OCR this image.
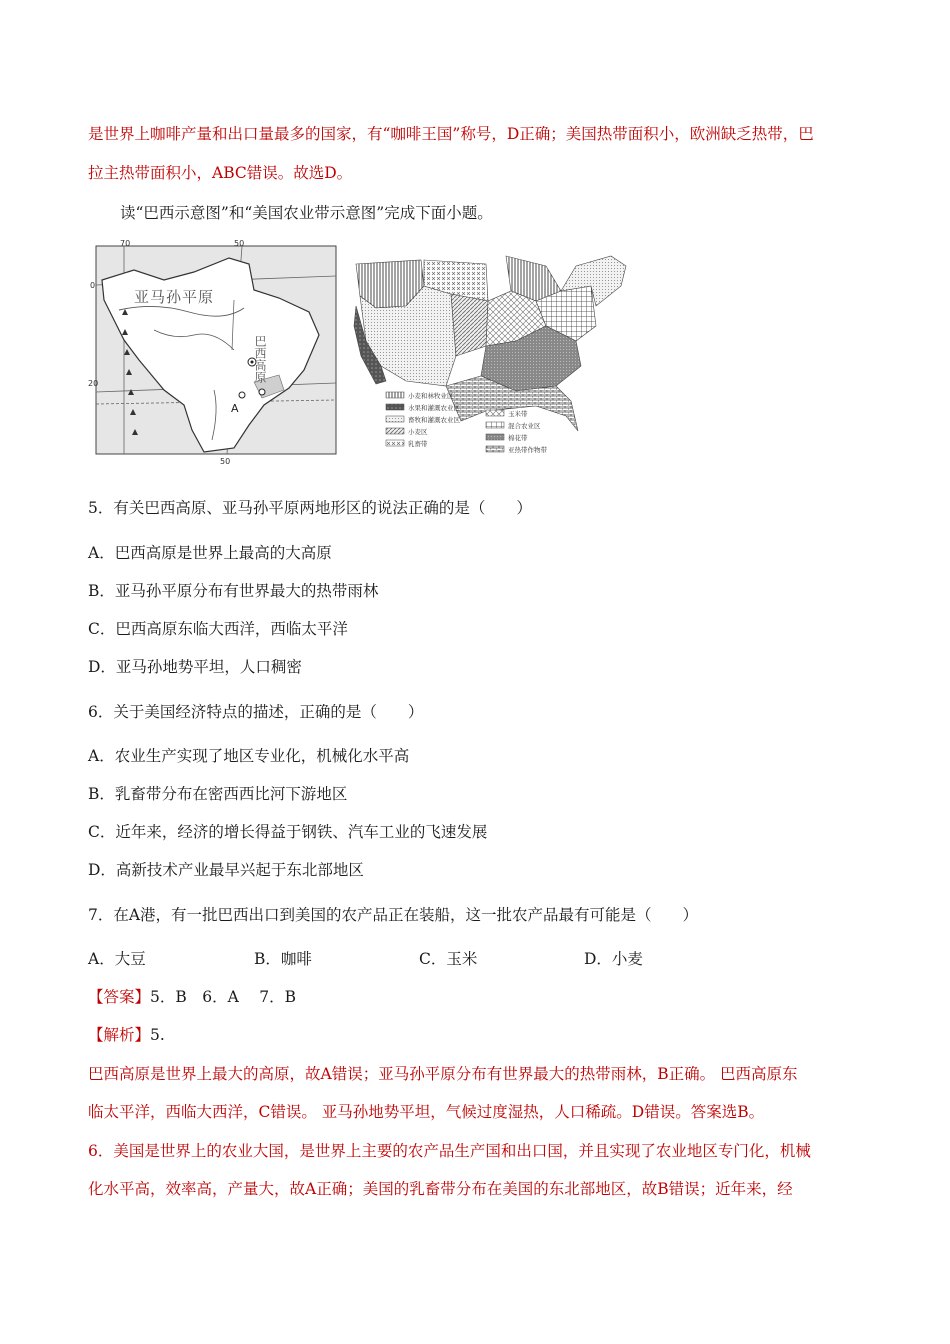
是世界上咖啡产量和出口量最多的国家，有“咖啡王国”称号，D正确；美国热带面积小，欧洲缺乏热带，巴
拉主热带面积小，ABC错误。故选D。
读“巴西示意图”和“美国农业带示意图”完成下面小题。
70	50
50
20
0
亚马孙平原
巴西高原
A
小麦和林牧业区
水果和灌溉农业区
畜牧和灌溉农业区
小麦区
乳畜带
玉米带
混合农业区
棉花带
亚热带作物带
5．有关巴西高原、亚马孙平原两地形区的说法正确的是（　　）
A．巴西高原是世界上最高的大高原
B．亚马孙平原分布有世界最大的热带雨林
C．巴西高原东临大西洋，西临太平洋
D．亚马孙地势平坦，人口稠密
6．关于美国经济特点的描述，正确的是（　　）
A．农业生产实现了地区专业化，机械化水平高
B．乳畜带分布在密西西比河下游地区
C．近年来，经济的增长得益于钢铁、汽车工业的飞速发展
D．高新技术产业最早兴起于东北部地区
7．在A港，有一批巴西出口到美国的农产品正在装船，这一批农产品最有可能是（　　）
A．大豆	B．咖啡	C．玉米	D．小麦
【答案】5．B　6．A　 7．B
【解析】5.
巴西高原是世界上最大的高原，故A错误；亚马孙平原分布有世界最大的热带雨林，B正确。 巴西高原东
临太平洋，西临大西洋，C错误。 亚马孙地势平坦，气候过度湿热，人口稀疏。D错误。答案选B。
6．美国是世界上的农业大国，是世界上主要的农产品生产国和出口国，并且实现了农业地区专门化，机械
化水平高，效率高，产量大，故A正确；美国的乳畜带分布在美国的东北部地区，故B错误；近年来，经
